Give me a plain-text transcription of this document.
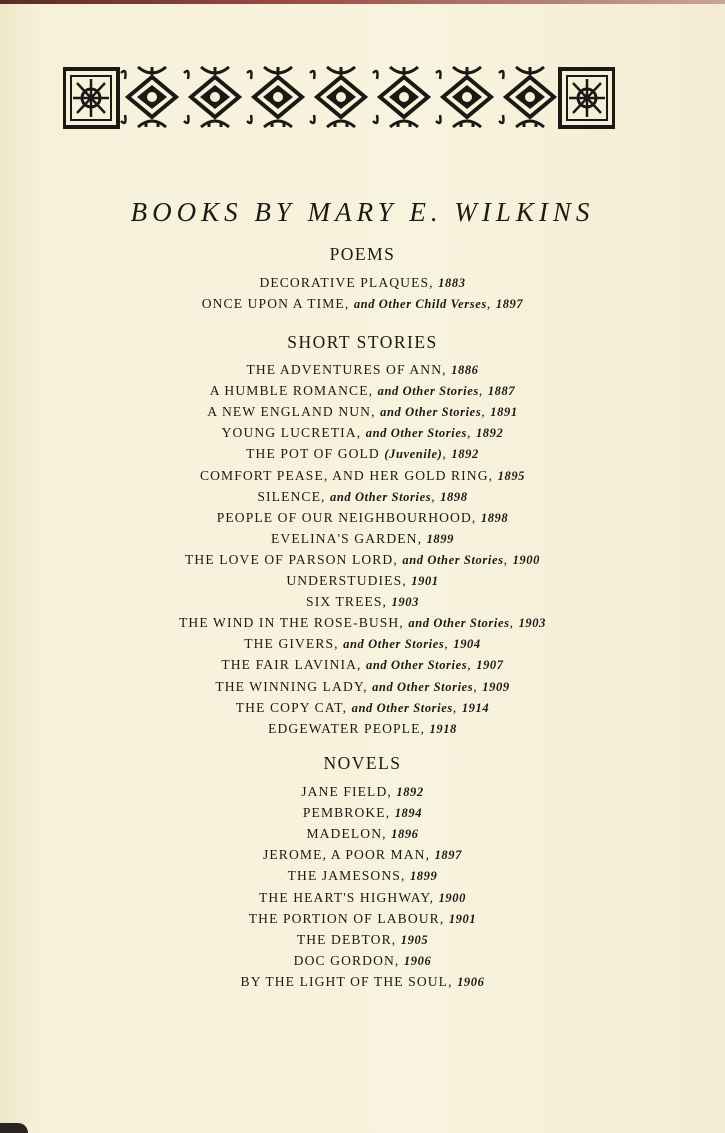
BOOKS BY MARY E. WILKINS
POEMS
DECORATIVE PLAQUES, 1883
ONCE UPON A TIME, and Other Child Verses, 1897
SHORT STORIES
THE ADVENTURES OF ANN, 1886
A HUMBLE ROMANCE, and Other Stories, 1887
A NEW ENGLAND NUN, and Other Stories, 1891
YOUNG LUCRETIA, and Other Stories, 1892
THE POT OF GOLD (Juvenile), 1892
COMFORT PEASE, AND HER GOLD RING, 1895
SILENCE, and Other Stories, 1898
PEOPLE OF OUR NEIGHBOURHOOD, 1898
EVELINA'S GARDEN, 1899
THE LOVE OF PARSON LORD, and Other Stories, 1900
UNDERSTUDIES, 1901
SIX TREES, 1903
THE WIND IN THE ROSE-BUSH, and Other Stories, 1903
THE GIVERS, and Other Stories, 1904
THE FAIR LAVINIA, and Other Stories, 1907
THE WINNING LADY, and Other Stories, 1909
THE COPY CAT, and Other Stories, 1914
EDGEWATER PEOPLE, 1918
NOVELS
JANE FIELD, 1892
PEMBROKE, 1894
MADELON, 1896
JEROME, A POOR MAN, 1897
THE JAMESONS, 1899
THE HEART'S HIGHWAY, 1900
THE PORTION OF LABOUR, 1901
THE DEBTOR, 1905
DOC GORDON, 1906
BY THE LIGHT OF THE SOUL, 1906
